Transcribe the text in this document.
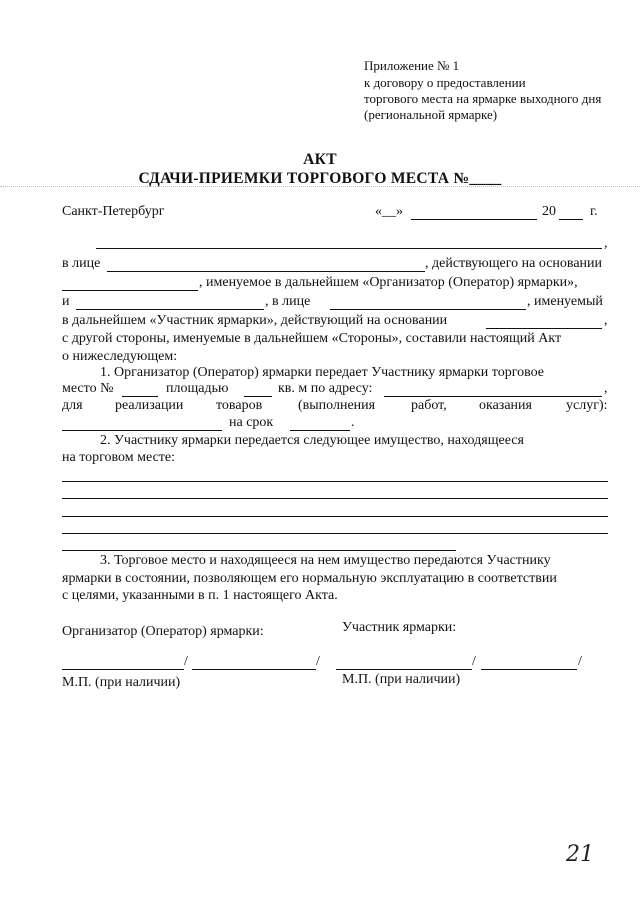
Приложение № 1
к договору о предоставлении
торгового места на ярмарке выходного дня
(региональной ярмарке)
АКТ
СДАЧИ-ПРИЕМКИ ТОРГОВОГО МЕСТА №____
Санкт-Петербург	«__»	20 г.
,
в лице	, действующего на основании
, именуемое в дальнейшем «Организатор (Оператор) ярмарки»,
и	, в лице	, именуемый
в дальнейшем «Участник ярмарки», действующий на основании	,
с другой стороны, именуемые в дальнейшем «Стороны», составили настоящий Акт
о нижеследующем:
1. Организатор (Оператор) ярмарки передает Участнику ярмарки торговое
место №	площадью	кв. м по адресу:	,
для реализации товаров	(выполнения	работ, оказания услуг):
на срок	.
2. Участнику ярмарки передается следующее имущество, находящееся
на торговом месте:
3. Торговое место и находящееся на нем имущество передаются Участнику
ярмарки в состоянии, позволяющем его нормальную эксплуатацию в соответствии
с целями, указанными в п. 1 настоящего Акта.
Организатор (Оператор) ярмарки:	Участник ярмарки:
/	/	/	/
М.П. (при наличии)	М.П. (при наличии)
21
